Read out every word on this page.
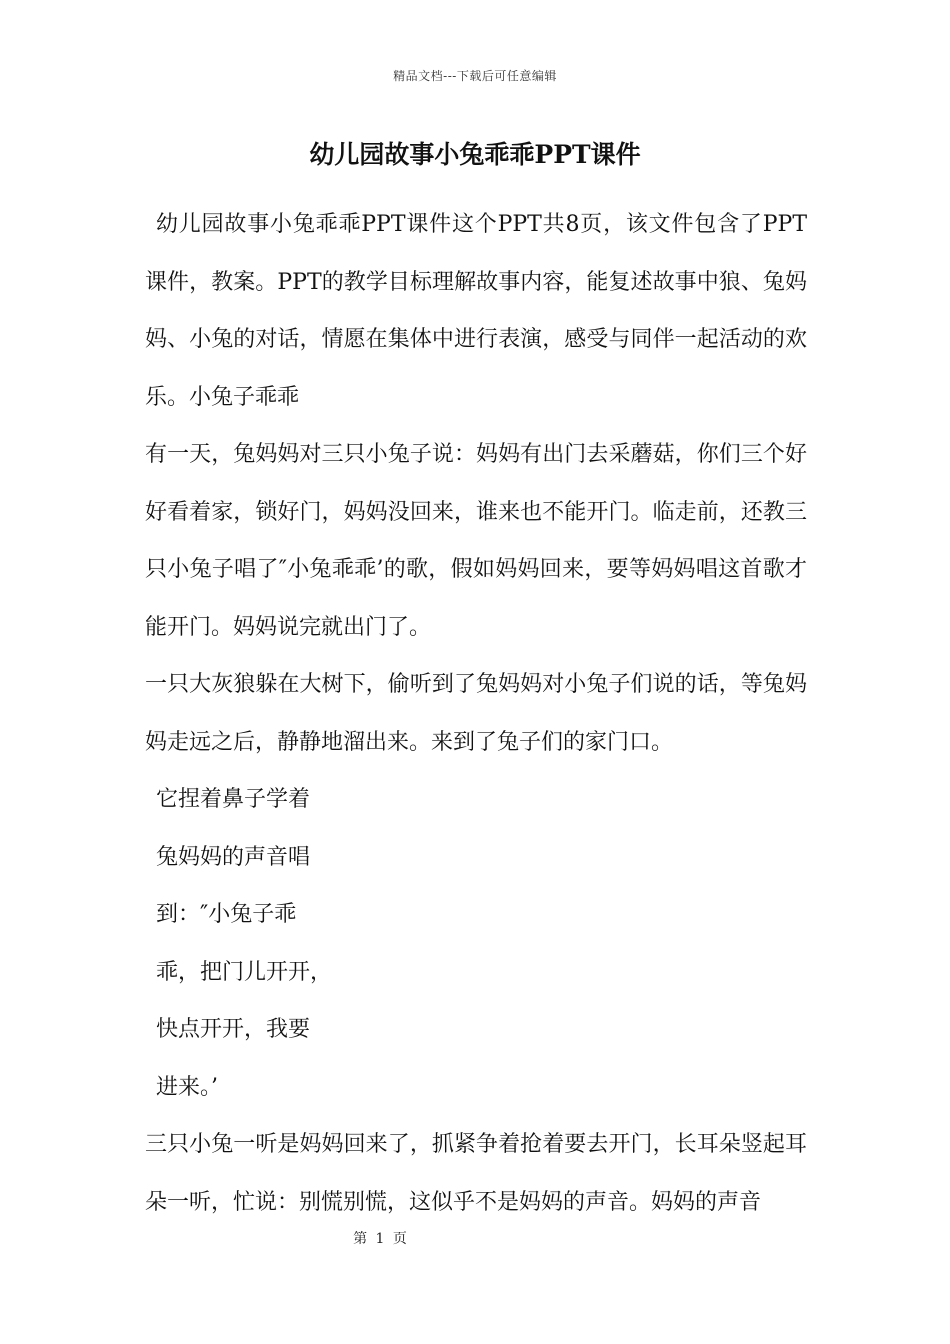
精品文档---下载后可任意编辑
幼儿园故事小兔乖乖PPT课件

幼儿园故事小兔乖乖PPT课件这个PPT共8页，该文件包含了PPT课件，教案。PPT的教学目标理解故事内容，能复述故事中狼、兔妈妈、小兔的对话，情愿在集体中进行表演，感受与同伴一起活动的欢乐。小兔子乖乖

有一天，兔妈妈对三只小兔子说：妈妈有出门去采蘑菇，你们三个好好看着家，锁好门，妈妈没回来，谁来也不能开门。临走前，还教三只小兔子唱了″小兔乖乖’的歌，假如妈妈回来，要等妈妈唱这首歌才能开门。妈妈说完就出门了。

一只大灰狼躲在大树下，偷听到了兔妈妈对小兔子们说的话，等兔妈妈走远之后，静静地溜出来。来到了兔子们的家门口。

它捏着鼻子学着

兔妈妈的声音唱

到：″小兔子乖

乖，把门儿开开，

快点开开，我要

进来。’

三只小兔一听是妈妈回来了，抓紧争着抢着要去开门，长耳朵竖起耳朵一听，忙说：别慌别慌，这似乎不是妈妈的声音。妈妈的声音

第 1 页
